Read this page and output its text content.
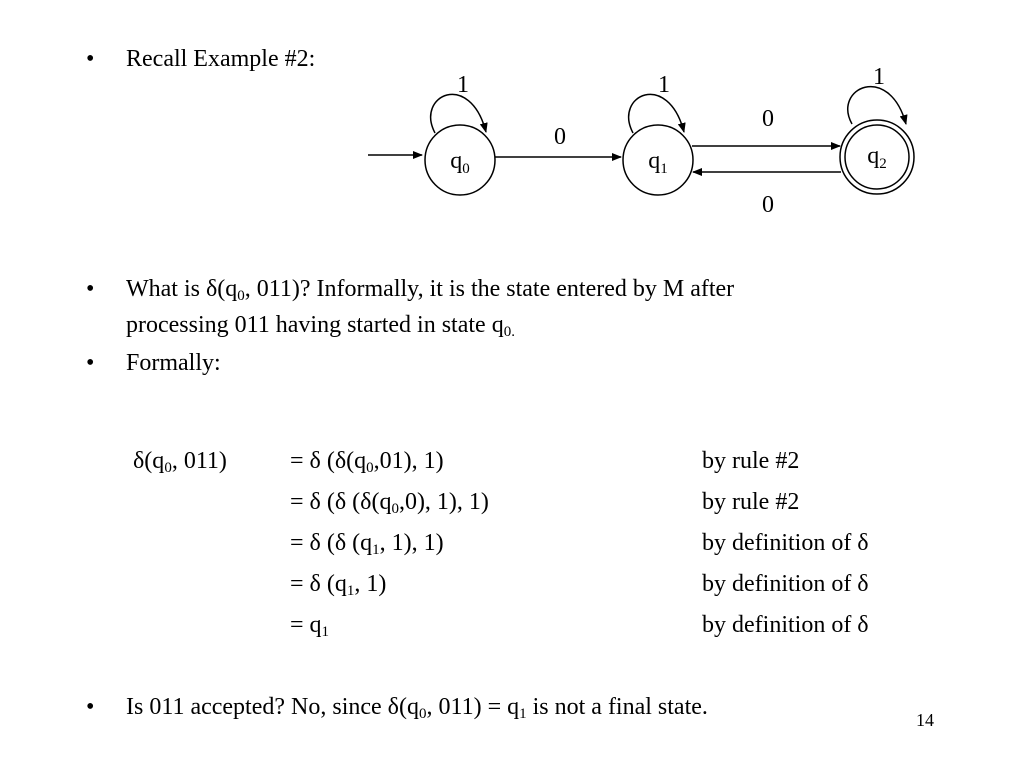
•	Recall Example #2:
$q_0$	$q_1$	$q_2$
1	1	1
0
0
0
•	What is $\delta(q_0$, 011)? Informally, it is the state entered by M after
processing 011 having started in state $q_{0.}$
•	Formally:
$\delta(q_0$, 011)	= δ ($\delta(q_0,01)$, 1)	by rule #2
= δ (δ ($\delta(q_0,0)$, 1), 1)	by rule #2
= δ (δ ($q_1$, 1), 1)	by definition of δ
= δ ($q_1$, 1)	by definition of δ
= $q_1$	by definition of δ
•	Is 011 accepted? No, since $\delta(q_0$, $011) = q_1$ is not a final state.	14
